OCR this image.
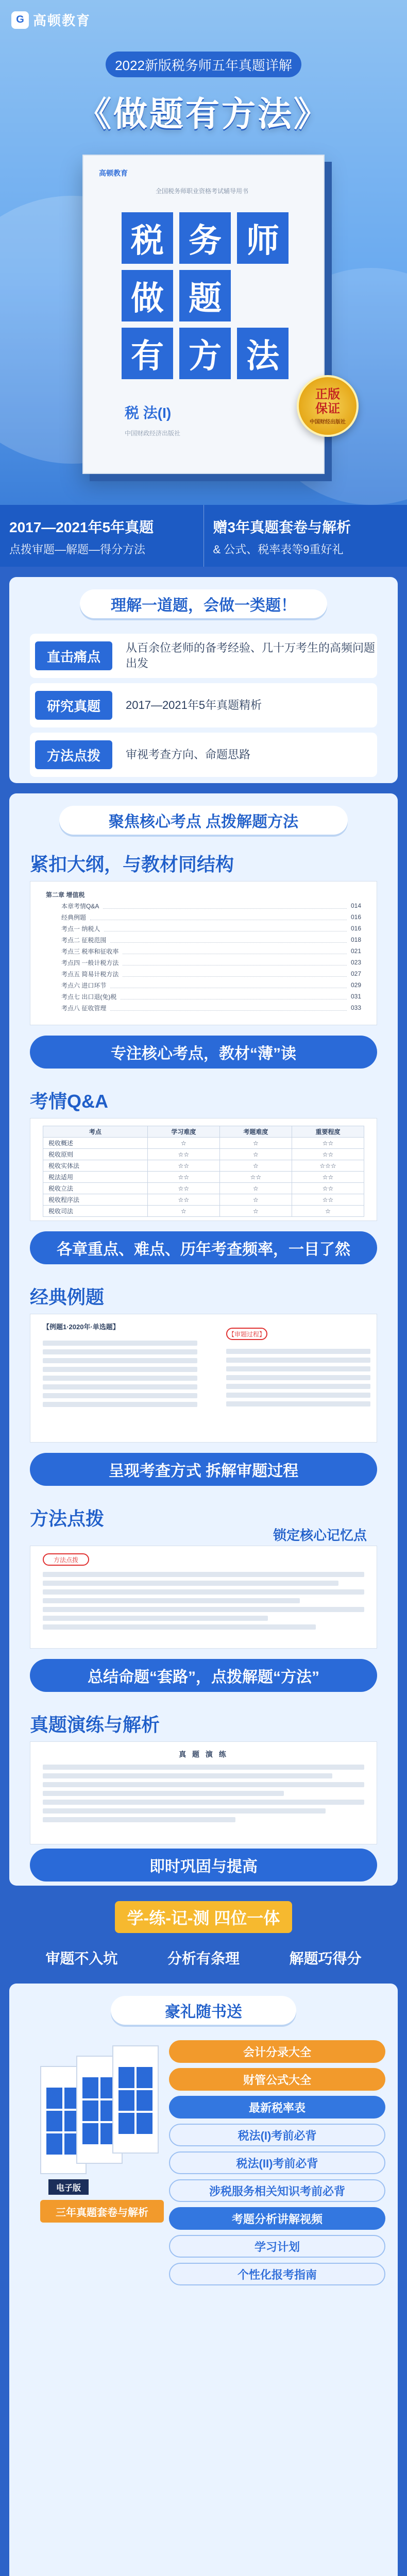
G 高顿教育
2022新版税务师五年真题详解
《做题有方法》
高顿教育
全国税务师职业资格考试辅导用书
税 务 师
做 题
有 方 法
税 法(I)
中国财政经济出版社
正版
保证
中国财经出版社
2017—2021年5年真题
点拨审题—解题—得分方法
赠3年真题套卷与解析
& 公式、税率表等9重好礼
理解一道题，会做一类题！
直击痛点
从百余位老师的备考经验、几十万考生的高频问题出发
研究真题	2017—2021年5年真题精析
方法点拨	审视考查方向、命题思路
聚焦核心考点 点拨解题方法
紧扣大纲，与教材同结构
第二章 增值税
本章考情Q&A	014
经典例题	016
考点一 纳税人	016
考点二 征税范围	018
考点三 税率和征收率	021
考点四 一般计税方法	023
考点五 简易计税方法	027
考点六 进口环节	029
考点七 出口退(免)税	031
考点八 征收管理	033
专注核心考点，教材“薄”读
考情Q&A
考点	学习难度	考题难度	重要程度
税收概述	☆	☆	☆☆
税收原则	☆☆	☆	☆☆
税收实体法	☆☆	☆	☆☆☆
税法适用	☆☆	☆☆	☆☆
税收立法	☆☆	☆	☆☆
税收程序法	☆☆	☆	☆☆
税收司法	☆	☆	☆
各章重点、难点、历年考查频率，一目了然
经典例题
【例题1·2020年·单选题】
【审题过程】
呈现考查方式 拆解审题过程
方法点拨
锁定核心记忆点
方法点拨
总结命题“套路”，点拨解题“方法”
真题演练与解析
真 题 演 练
即时巩固与提高
学-练-记-测 四位一体
审题不入坑	分析有条理	解题巧得分
豪礼随书送
电子版
三年真题套卷与解析
会计分录大全
财管公式大全
最新税率表
税法(I)考前必背
税法(II)考前必背
涉税服务相关知识考前必背
考题分析讲解视频
学习计划
个性化报考指南
